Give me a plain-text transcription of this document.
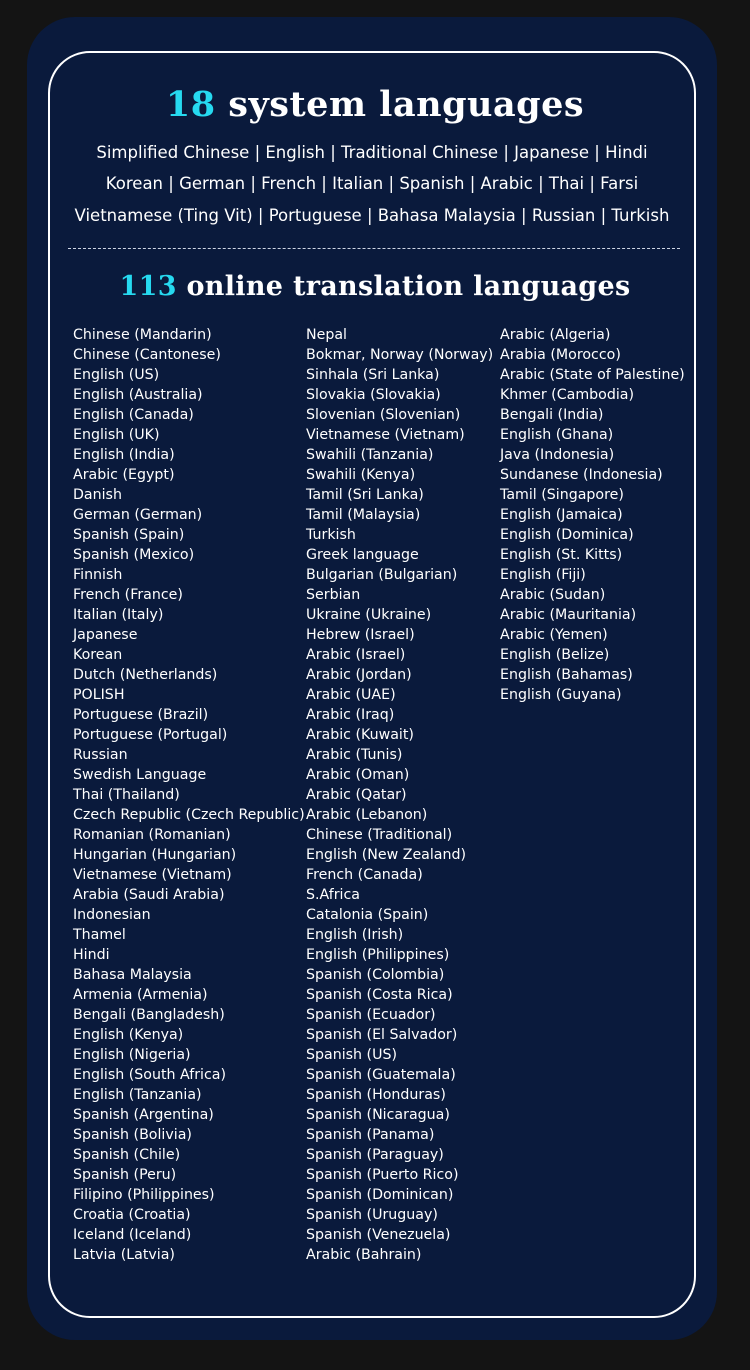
18 system languages
Simplified Chinese | English | Traditional Chinese | Japanese | Hindi
Korean | German | French | Italian | Spanish | Arabic | Thai | Farsi
Vietnamese (Ting Vit) | Portuguese | Bahasa Malaysia | Russian | Turkish
113 online translation languages
Chinese (Mandarin)
Chinese (Cantonese)
English (US)
English (Australia)
English (Canada)
English (UK)
English (India)
Arabic (Egypt)
Danish
German (German)
Spanish (Spain)
Spanish (Mexico)
Finnish
French (France)
Italian (Italy)
Japanese
Korean
Dutch (Netherlands)
POLISH
Portuguese (Brazil)
Portuguese (Portugal)
Russian
Swedish Language
Thai (Thailand)
Czech Republic (Czech Republic)
Romanian (Romanian)
Hungarian (Hungarian)
Vietnamese (Vietnam)
Arabia (Saudi Arabia)
Indonesian
Thamel
Hindi
Bahasa Malaysia
Armenia (Armenia)
Bengali (Bangladesh)
English (Kenya)
English (Nigeria)
English (South Africa)
English (Tanzania)
Spanish (Argentina)
Spanish (Bolivia)
Spanish (Chile)
Spanish (Peru)
Filipino (Philippines)
Croatia (Croatia)
Iceland (Iceland)
Latvia (Latvia)
Nepal
Bokmar, Norway (Norway)
Sinhala (Sri Lanka)
Slovakia (Slovakia)
Slovenian (Slovenian)
Vietnamese (Vietnam)
Swahili (Tanzania)
Swahili (Kenya)
Tamil (Sri Lanka)
Tamil (Malaysia)
Turkish
Greek language
Bulgarian (Bulgarian)
Serbian
Ukraine (Ukraine)
Hebrew (Israel)
Arabic (Israel)
Arabic (Jordan)
Arabic (UAE)
Arabic (Iraq)
Arabic (Kuwait)
Arabic (Tunis)
Arabic (Oman)
Arabic (Qatar)
Arabic (Lebanon)
Chinese (Traditional)
English (New Zealand)
French (Canada)
S.Africa
Catalonia (Spain)
English (Irish)
English (Philippines)
Spanish (Colombia)
Spanish (Costa Rica)
Spanish (Ecuador)
Spanish (El Salvador)
Spanish (US)
Spanish (Guatemala)
Spanish (Honduras)
Spanish (Nicaragua)
Spanish (Panama)
Spanish (Paraguay)
Spanish (Puerto Rico)
Spanish (Dominican)
Spanish (Uruguay)
Spanish (Venezuela)
Arabic (Bahrain)
Arabic (Algeria)
Arabia (Morocco)
Arabic (State of Palestine)
Khmer (Cambodia)
Bengali (India)
English (Ghana)
Java (Indonesia)
Sundanese (Indonesia)
Tamil (Singapore)
English (Jamaica)
English (Dominica)
English (St. Kitts)
English (Fiji)
Arabic (Sudan)
Arabic (Mauritania)
Arabic (Yemen)
English (Belize)
English (Bahamas)
English (Guyana)
